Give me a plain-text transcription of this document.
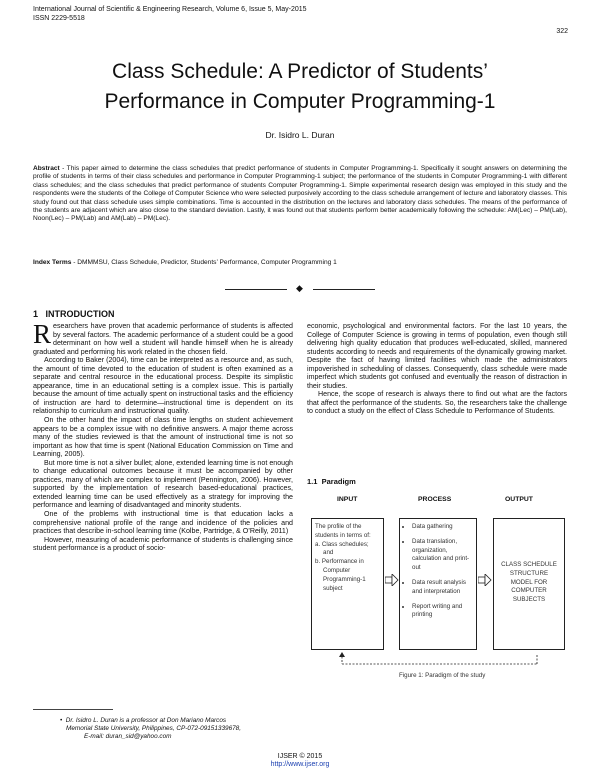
International Journal of Scientific & Engineering Research, Volume 6, Issue 5, May-2015
ISSN 2229-5518
322
Class Schedule: A Predictor of Students’
Performance in Computer Programming-1
Dr. Isidro L. Duran
Abstract - This paper aimed to determine the class schedules that predict performance of students in Computer Programming-1. Specifically it sought answers on determining the profile of students in terms of their class schedules and performance in Computer Programming-1 subject; the performance of the students in Computer Programming-1 with different class schedules; and the class schedules that predict performance of students Computer Programming-1. Simple experimental research design was employed in this study and the respondents were the students of the College of Computer Science who were selected purposively according to the class schedule arrangement of lecture and laboratory classes. This study found out that class schedule uses simple combinations. Time is accounted in the distribution on the lectures and laboratory class schedules. The means of the performance of the students are adjacent which are also close to the standard deviation. Lastly, it was found out that students perform better academically following the schedule: AM(Lec) – PM(Lab), Noon(Lec) – PM(Lab) and AM(Lab) – PM(Lec).
Index Terms - DMMMSU, Class Schedule, Predictor, Students’ Performance, Computer Programming 1
◆
1 INTRODUCTION

Researchers have proven that academic performance of students is affected by several factors. The academic performance of a student could be a good determinant on how well a student will handle himself when he is already graduated and performing his work related in the chosen field.

According to Baker (2004), time can be interpreted as a resource and, as such, the amount of time devoted to the education of student is often examined as a separate and central resource in the educational process. Despite its simplistic appearance, time in an educational setting is a complex issue. This is partially because the amount of time actually spent on instructional tasks and the efficiency of instruction are hard to determine—instructional time is dependent on its relationship to curriculum and instructional quality.

On the other hand the impact of class time lengths on student achievement appears to be a complex issue with no definitive answers. A major theme across many of the studies reviewed is that the amount of instructional time is not so important as how that time is spent (National Education Commission on Time and Learning, 2005).

But more time is not a silver bullet; alone, extended learning time is not enough to change educational outcomes because it must be accompanied by other practices, many of which are complex to implement (Pennington, 2006). However, supported by the implementation of research based-educational practices, extended learning time can be used effectively as a strategy for improving the performance and learning of disadvantaged and minority students.

One of the problems with instructional time is that education lacks a comprehensive national profile of the range and incidence of the policies and practices that describe in-school learning time (Kolbe, Partridge, & O’Reilly, 2011)

However, measuring of academic performance of students is challenging since student performance is a product of socio-

economic, psychological and environmental factors. For the last 10 years, the College of Computer Science is growing in terms of population, even though still delivering high quality education that produces well-educated, skilled, mannered students according to needs and requirements of the dynamically growing market. Despite the fact of having limited facilities which made the administrators impoverished in scheduling of classes. Consequently, class schedule were made imperfect which students got confused and eventually the reason of distraction in their studies.

Hence, the scope of research is always there to find out what are the factors that affect the performance of the students. So, the researchers take the challenge to conduct a study on the effect of Class Schedule to Performance of Students.

1.1 Paradigm
INPUT	PROCESS	OUTPUT
The profile of the
students in terms of:
a. Class schedules;
and
b. Performance in
Computer
Programming-1
subject
• Data gathering
• Data translation, organization, calculation and print-out
• Data result analysis and interpretation
• Report writing and printing
CLASS SCHEDULE
STRUCTURE
MODEL FOR
COMPUTER
SUBJECTS
Figure 1: Paradigm of the study
•  Dr. Isidro L. Duran is a professor at Don Mariano Marcos
Memorial State University, Philippines, CP-072-09151339678,
E-mail: duran_sid@yahoo.com
IJSER © 2015
http://www.ijser.org
